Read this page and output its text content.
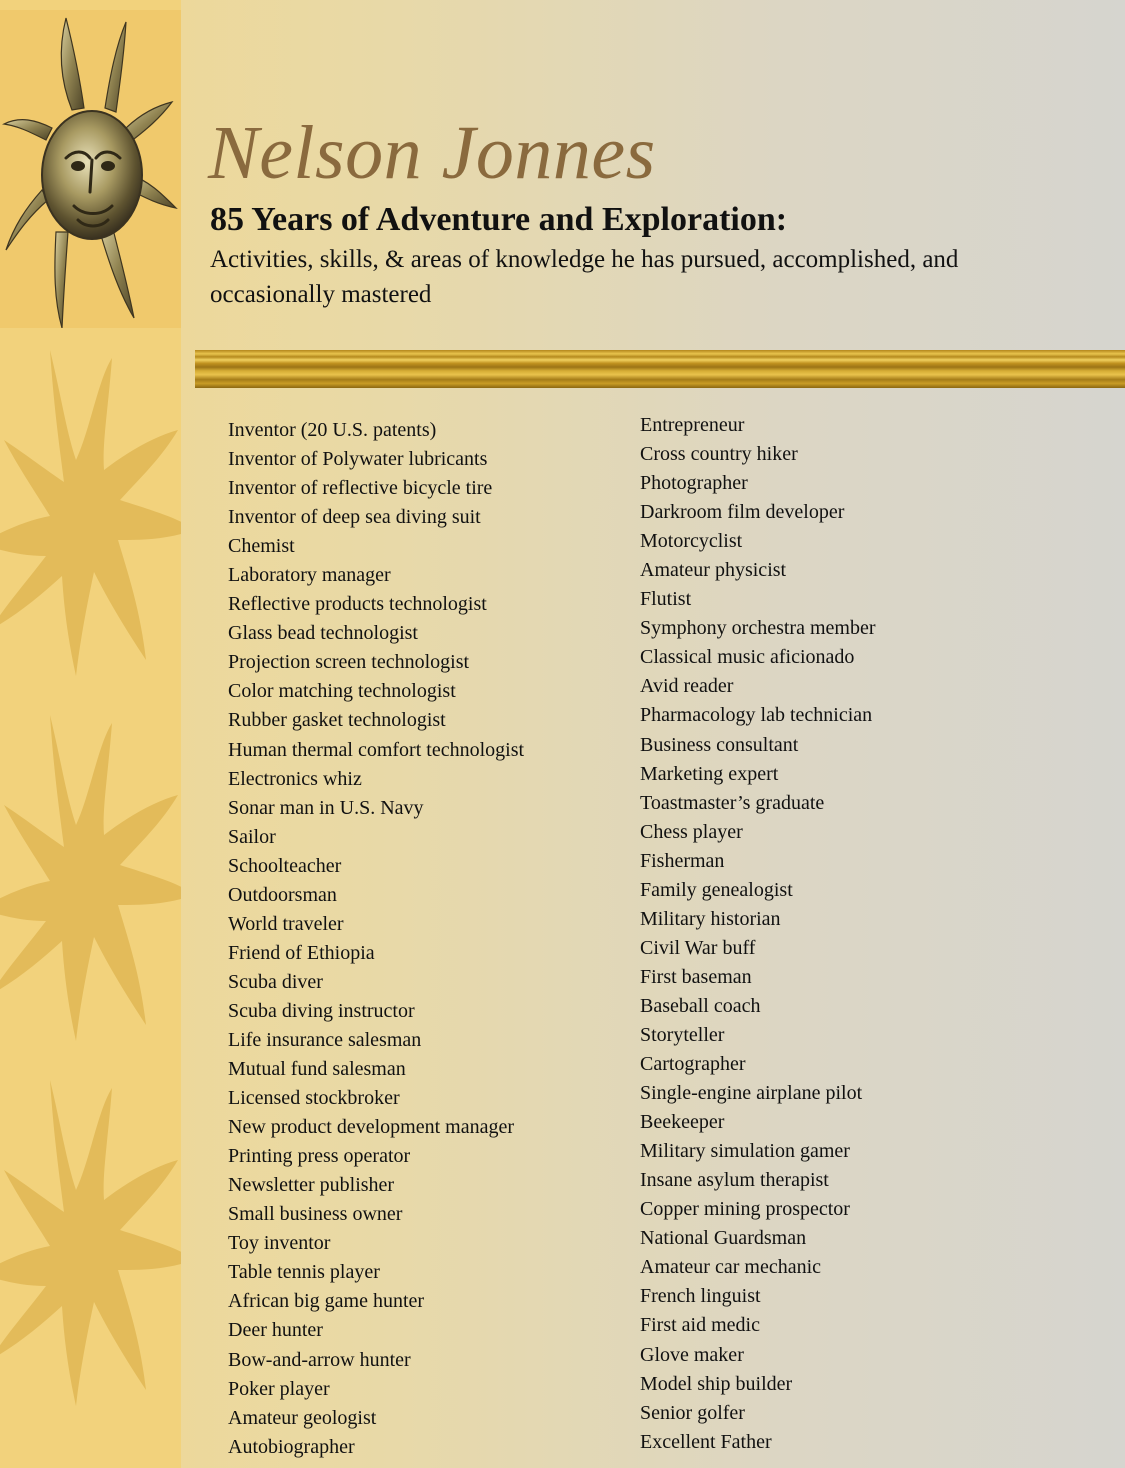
Nelson Jonnes
85 Years of Adventure and Exploration:

Activities, skills, & areas of knowledge he has pursued, accomplished, and occasionally mastered

Inventor (20 U.S. patents)
Inventor of Polywater lubricants
Inventor of reflective bicycle tire
Inventor of deep sea diving suit
Chemist
Laboratory manager
Reflective products technologist
Glass bead technologist
Projection screen technologist
Color matching technologist
Rubber gasket technologist
Human thermal comfort technologist
Electronics whiz
Sonar man in U.S. Navy
Sailor
Schoolteacher
Outdoorsman
World traveler
Friend of Ethiopia
Scuba diver
Scuba diving instructor
Life insurance salesman
Mutual fund salesman
Licensed stockbroker
New product development manager
Printing press operator
Newsletter publisher
Small business owner
Toy inventor
Table tennis player
African big game hunter
Deer hunter
Bow-and-arrow hunter
Poker player
Amateur geologist
Autobiographer
Entrepreneur
Cross country hiker
Photographer
Darkroom film developer
Motorcyclist
Amateur physicist
Flutist
Symphony orchestra member
Classical music aficionado
Avid reader
Pharmacology lab technician
Business consultant
Marketing expert
Toastmaster’s graduate
Chess player
Fisherman
Family genealogist
Military historian
Civil War buff
First baseman
Baseball coach
Storyteller
Cartographer
Single-engine airplane pilot
Beekeeper
Military simulation gamer
Insane asylum therapist
Copper mining prospector
National Guardsman
Amateur car mechanic
French linguist
First aid medic
Glove maker
Model ship builder
Senior golfer
Excellent Father
